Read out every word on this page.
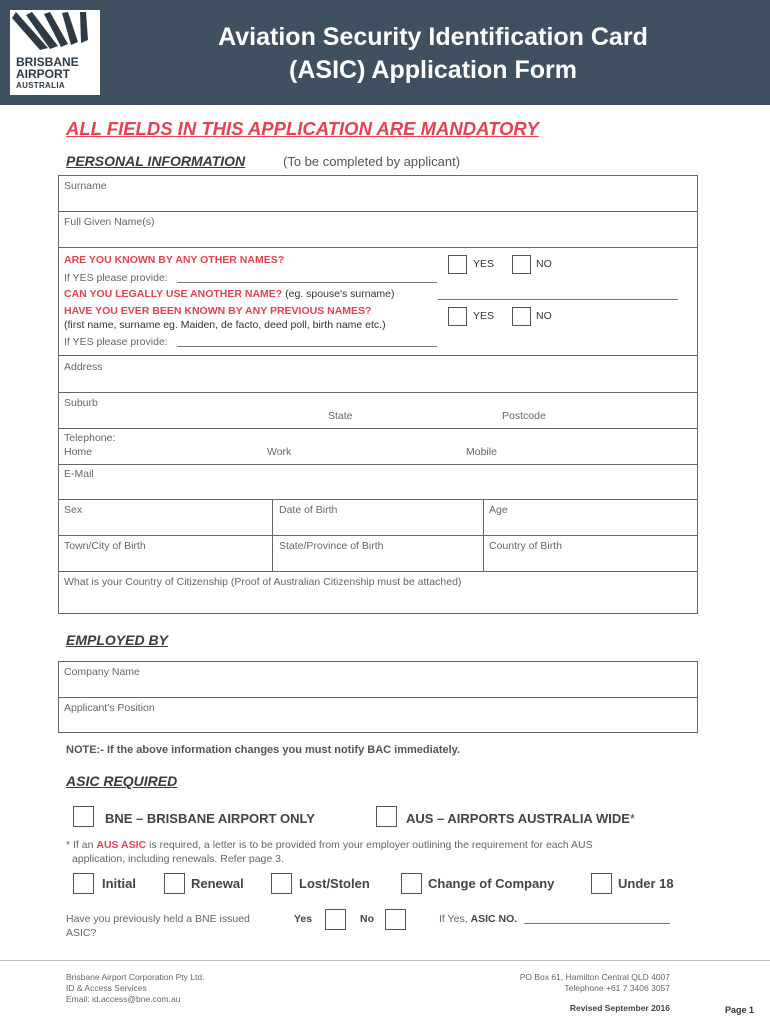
BRISBANE
AIRPORT
AUSTRALIA
Aviation Security Identification Card
(ASIC) Application Form
ALL FIELDS IN THIS APPLICATION ARE MANDATORY
PERSONAL INFORMATION	(To be completed by applicant)
Surname
Full Given Name(s)
ARE YOU KNOWN BY ANY OTHER NAMES?	YES	NO
If YES please provide:
CAN YOU LEGALLY USE ANOTHER NAME? (eg. spouse's surname)
HAVE YOU EVER BEEN KNOWN BY ANY PREVIOUS NAMES?
(first name, surname eg. Maiden, de facto, deed poll, birth name etc.)
YES	NO
If YES please provide:
Address
Suburb
State	Postcode
Telephone:
Home	Work	Mobile
E-Mail
Sex	Date of Birth	Age
Town/City of Birth	State/Province of Birth	Country of Birth
What is your Country of Citizenship (Proof of Australian Citizenship must be attached)
EMPLOYED BY
Company Name
Applicant's Position
NOTE:- If the above information changes you must notify BAC immediately.
ASIC REQUIRED
BNE – BRISBANE AIRPORT ONLY	AUS – AIRPORTS AUSTRALIA WIDE*
* If an AUS ASIC is required, a letter is to be provided from your employer outlining the requirement for each AUS
application, including renewals. Refer page 3.
Initial	Renewal	Lost/Stolen	Change of Company	Under 18
Have you previously held a BNE issued
ASIC?
Yes	No	If Yes, ASIC NO.
Brisbane Airport Corporation Pty Ltd.
ID & Access Services
Email: id.access@bne.com.au
PO Box 61, Hamilton Central QLD 4007
Telephone +61 7 3406 3057
Revised September 2016	Page 1
